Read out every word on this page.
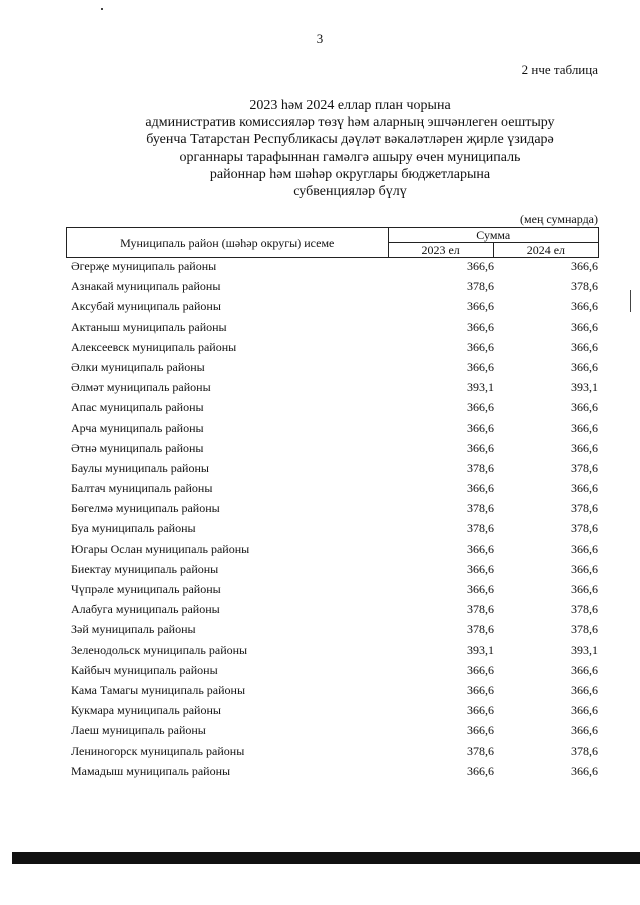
3
2 нче таблица
2023 һәм 2024 еллар план чорына
административ комиссияләр төзү һәм аларның эшчәнлеген оештыру
буенча Татарстан Республикасы дәүләт вәкаләтләрен җирле үзидарә
органнары тарафыннан гамәлгә ашыру өчен муниципаль
районнар һәм шәһәр округлары бюджетларына
субвенцияләр бүлү
(мең сумнарда)
Муниципаль район (шәһәр округы) исеме	Сумма	
	2023 ел	2024 ел
Әгерҗе муниципаль районы	366,6	366,6
Азнакай муниципаль районы	378,6	378,6
Аксубай муниципаль районы	366,6	366,6
Актаныш муниципаль районы	366,6	366,6
Алексеевск муниципаль районы	366,6	366,6
Әлки муниципаль районы	366,6	366,6
Әлмәт муниципаль районы	393,1	393,1
Апас муниципаль районы	366,6	366,6
Арча муниципаль районы	366,6	366,6
Әтнә муниципаль районы	366,6	366,6
Баулы муниципаль районы	378,6	378,6
Балтач муниципаль районы	366,6	366,6
Бөгелмә муниципаль районы	378,6	378,6
Буа муниципаль районы	378,6	378,6
Югары Ослан муниципаль районы	366,6	366,6
Биектау муниципаль районы	366,6	366,6
Чүпрәле муниципаль районы	366,6	366,6
Алабуга муниципаль районы	378,6	378,6
Зәй муниципаль районы	378,6	378,6
Зеленодольск муниципаль районы	393,1	393,1
Кайбыч муниципаль районы	366,6	366,6
Кама Тамагы муниципаль районы	366,6	366,6
Кукмара муниципаль районы	366,6	366,6
Лаеш муниципаль районы	366,6	366,6
Лениногорск муниципаль районы	378,6	378,6
Мамадыш муниципаль районы	366,6	366,6
